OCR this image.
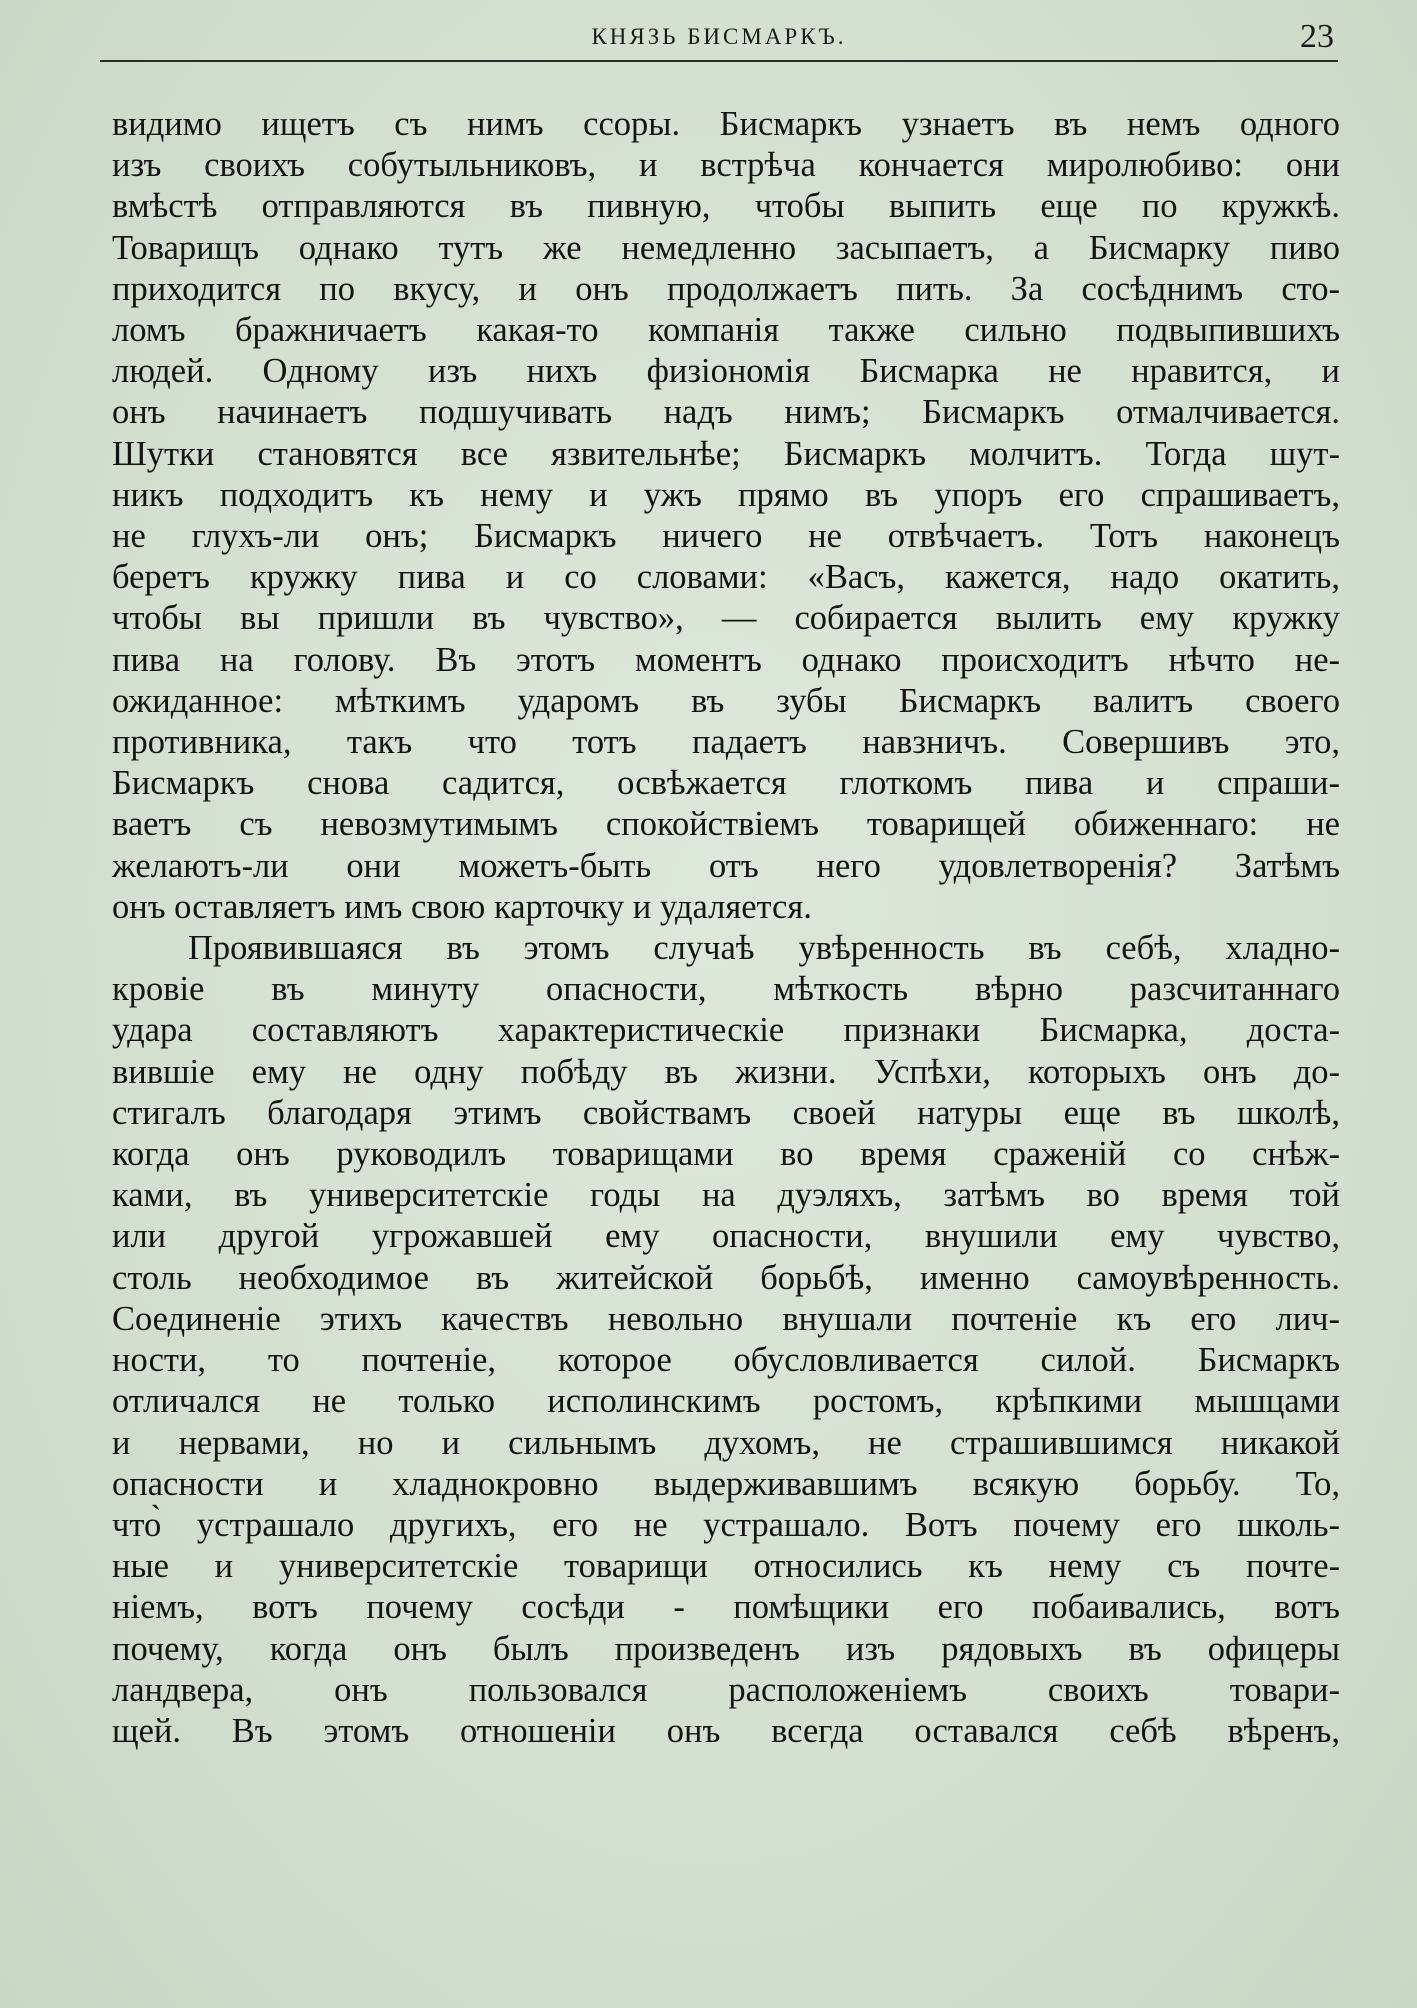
КНЯЗЬ БИСМАРКЪ.	23
видимо ищетъ съ нимъ ссоры. Бисмаркъ узнаетъ въ немъ одного
изъ своихъ собутыльниковъ, и встрѣча кончается миролюбиво: они
вмѣстѣ отправляются въ пивную, чтобы выпить еще по кружкѣ.
Товарищъ однако тутъ же немедленно засыпаетъ, а Бисмарку пиво
приходится по вкусу, и онъ продолжаетъ пить. За сосѣднимъ сто-
ломъ бражничаетъ какая-то компанія также сильно подвыпившихъ
людей. Одному изъ нихъ физіономія Бисмарка не нравится, и
онъ начинаетъ подшучивать надъ нимъ; Бисмаркъ отмалчивается.
Шутки становятся все язвительнѣе; Бисмаркъ молчитъ. Тогда шут-
никъ подходитъ къ нему и ужъ прямо въ упоръ его спрашиваетъ,
не глухъ-ли онъ; Бисмаркъ ничего не отвѣчаетъ. Тотъ наконецъ
беретъ кружку пива и со словами: «Васъ, кажется, надо окатить,
чтобы вы пришли въ чувство», — собирается вылить ему кружку
пива на голову. Въ этотъ моментъ однако происходитъ нѣчто не-
ожиданное: мѣткимъ ударомъ въ зубы Бисмаркъ валитъ своего
противника, такъ что тотъ падаетъ навзничъ. Совершивъ это,
Бисмаркъ снова садится, освѣжается глоткомъ пива и спраши-
ваетъ съ невозмутимымъ спокойствіемъ товарищей обиженнаго: не
желаютъ-ли они можетъ-быть отъ него удовлетворенія? Затѣмъ
онъ оставляетъ имъ свою карточку и удаляется.
Проявившаяся въ этомъ случаѣ увѣренность въ себѣ, хладно-
кровіе въ минуту опасности, мѣткость вѣрно разсчитаннаго
удара составляютъ характеристическіе признаки Бисмарка, доста-
вившіе ему не одну побѣду въ жизни. Успѣхи, которыхъ онъ до-
стигалъ благодаря этимъ свойствамъ своей натуры еще въ школѣ,
когда онъ руководилъ товарищами во время сраженій со снѣж-
ками, въ университетскіе годы на дуэляхъ, затѣмъ во время той
или другой угрожавшей ему опасности, внушили ему чувство,
столь необходимое въ житейской борьбѣ, именно самоувѣренность.
Соединеніе этихъ качествъ невольно внушали почтеніе къ его лич-
ности, то почтеніе, которое обусловливается силой. Бисмаркъ
отличался не только исполинскимъ ростомъ, крѣпкими мышцами
и нервами, но и сильнымъ духомъ, не страшившимся никакой
опасности и хладнокровно выдерживавшимъ всякую борьбу. То,
что̀ устрашало другихъ, его не устрашало. Вотъ почему его школь-
ные и университетскіе товарищи относились къ нему съ почте-
ніемъ, вотъ почему сосѣди - помѣщики его побаивались, вотъ
почему, когда онъ былъ произведенъ изъ рядовыхъ въ офицеры
ландвера, онъ пользовался расположеніемъ своихъ товари-
щей. Въ этомъ отношеніи онъ всегда оставался себѣ вѣренъ,
